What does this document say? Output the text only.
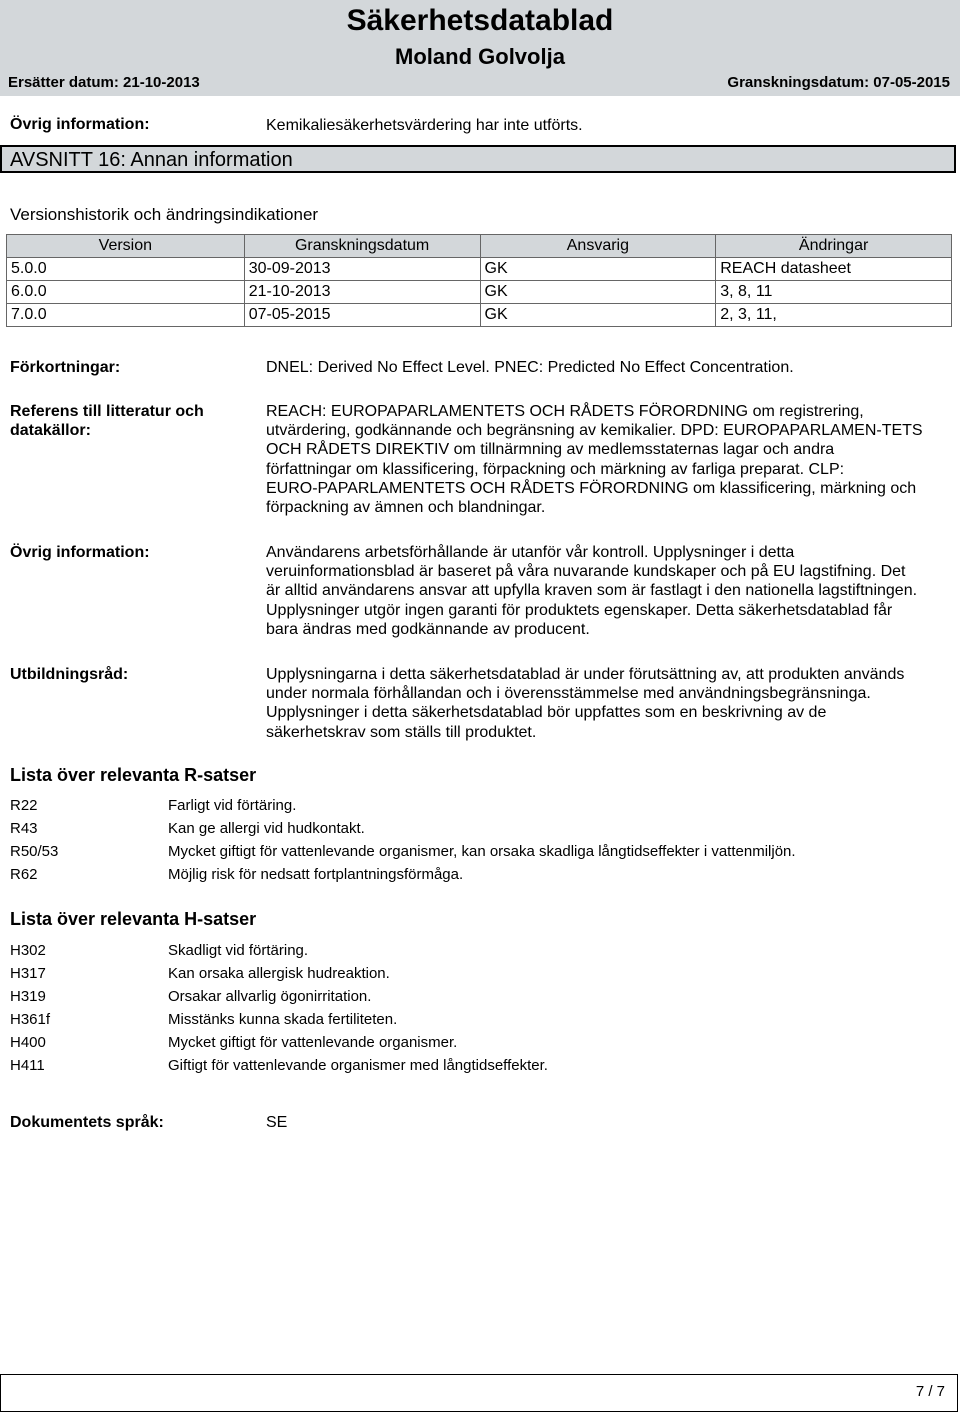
Säkerhetsdatablad
Moland Golvolja
Ersätter datum: 21-10-2013	Granskningsdatum: 07-05-2015
Övrig information:	Kemikaliesäkerhetsvärdering har inte utförts.
AVSNITT 16: Annan information
Versionshistorik och ändringsindikationer
Version	Granskningsdatum	Ansvarig	Ändringar
5.0.0	30-09-2013	GK	REACH datasheet
6.0.0	21-10-2013	GK	3, 8, 11
7.0.0	07-05-2015	GK	2, 3, 11,
Förkortningar:	DNEL: Derived No Effect Level. PNEC: Predicted No Effect Concentration.
Referens till litteratur och
datakällor:
REACH: EUROPAPARLAMENTETS OCH RÅDETS FÖRORDNING om registrering,
utvärdering, godkännande och begränsning av kemikalier. DPD: EUROPAPARLAMEN-TETS
OCH RÅDETS DIREKTIV om tillnärmning av medlemsstaternas lagar och andra
författningar om klassificering, förpackning och märkning av farliga preparat. CLP:
EURO-PAPARLAMENTETS OCH RÅDETS FÖRORDNING om klassificering, märkning och
förpackning av ämnen och blandningar.
Övrig information:	Användarens arbetsförhållande är utanför vår kontroll. Upplysninger i detta
veruinformationsblad är baseret på våra nuvarande kundskaper och på EU lagstifning. Det
är alltid användarens ansvar att upfylla kraven som är fastlagt i den nationella lagstiftningen.
Upplysninger utgör ingen garanti för produktets egenskaper. Detta säkerhetsdatablad får
bara ändras med godkännande av producent.
Utbildningsråd:	Upplysningarna i detta säkerhetsdatablad är under förutsättning av, att produkten används
under normala förhållandan och i överensstämmelse med användningsbegränsninga.
Upplysninger i detta säkerhetsdatablad bör uppfattes som en beskrivning av de
säkerhetskrav som ställs till produktet.
Lista över relevanta R-satser
R22	Farligt vid förtäring.
R43	Kan ge allergi vid hudkontakt.
R50/53	Mycket giftigt för vattenlevande organismer, kan orsaka skadliga långtidseffekter i vattenmiljön.
R62	Möjlig risk för nedsatt fortplantningsförmåga.
Lista över relevanta H-satser
H302	Skadligt vid förtäring.
H317	Kan orsaka allergisk hudreaktion.
H319	Orsakar allvarlig ögonirritation.
H361f	Misstänks kunna skada fertiliteten.
H400	Mycket giftigt för vattenlevande organismer.
H411	Giftigt för vattenlevande organismer med långtidseffekter.
Dokumentets språk:	SE
7 / 7
